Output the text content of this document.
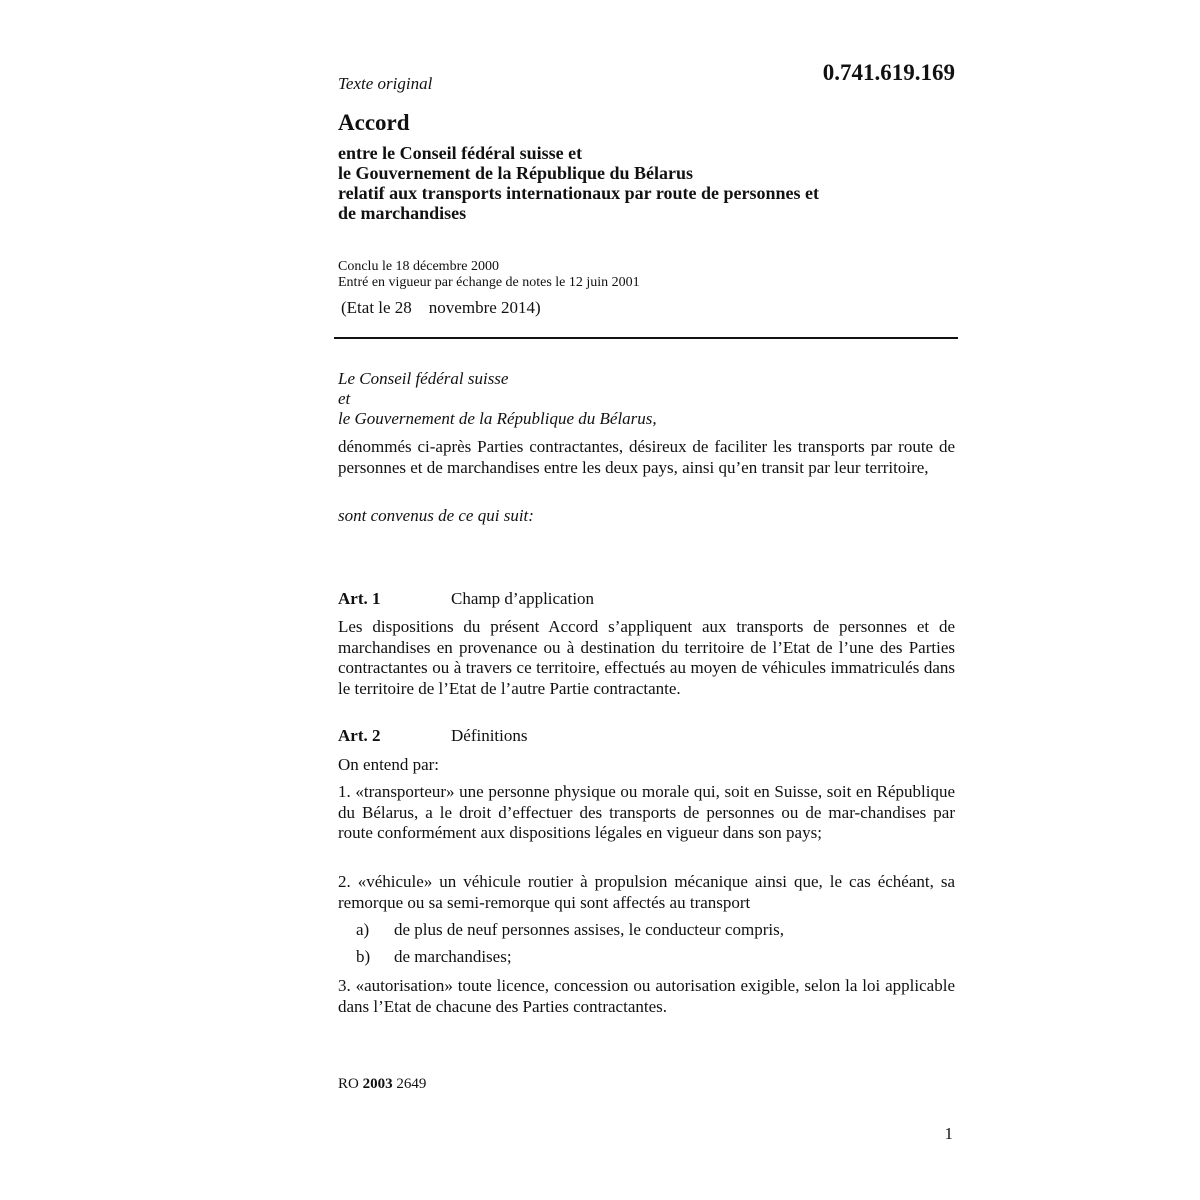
Texte original	0.741.619.169
Accord
entre le Conseil fédéral suisse et
le Gouvernement de la République du Bélarus
relatif aux transports internationaux par route de personnes et
de marchandises
Conclu le 18 décembre 2000
Entré en vigueur par échange de notes le 12 juin 2001
(Etat le 28    novembre 2014)
Le Conseil fédéral suisse
et
le Gouvernement de la République du Bélarus,

dénommés ci-après Parties contractantes, désireux de faciliter les transports par route de personnes et de marchandises entre les deux pays, ainsi qu’en transit par leur territoire,

sont convenus de ce qui suit:
Art. 1	Champ d’application

Les dispositions du présent Accord s’appliquent aux transports de personnes et de marchandises en provenance ou à destination du territoire de l’Etat de l’une des Parties contractantes ou à travers ce territoire, effectués au moyen de véhicules immatriculés dans le territoire de l’Etat de l’autre Partie contractante.

Art. 2	Définitions
On entend par:

1. «transporteur» une personne physique ou morale qui, soit en Suisse, soit en République du Bélarus, a le droit d’effectuer des transports de personnes ou de mar-chandises par route conformément aux dispositions légales en vigueur dans son pays;

2. «véhicule» un véhicule routier à propulsion mécanique ainsi que, le cas échéant, sa remorque ou sa semi-remorque qui sont affectés au transport

a) de plus de neuf personnes assises, le conducteur compris,
b) de marchandises;

3. «autorisation» toute licence, concession ou autorisation exigible, selon la loi applicable dans l’Etat de chacune des Parties contractantes.

RO 2003 2649
1
